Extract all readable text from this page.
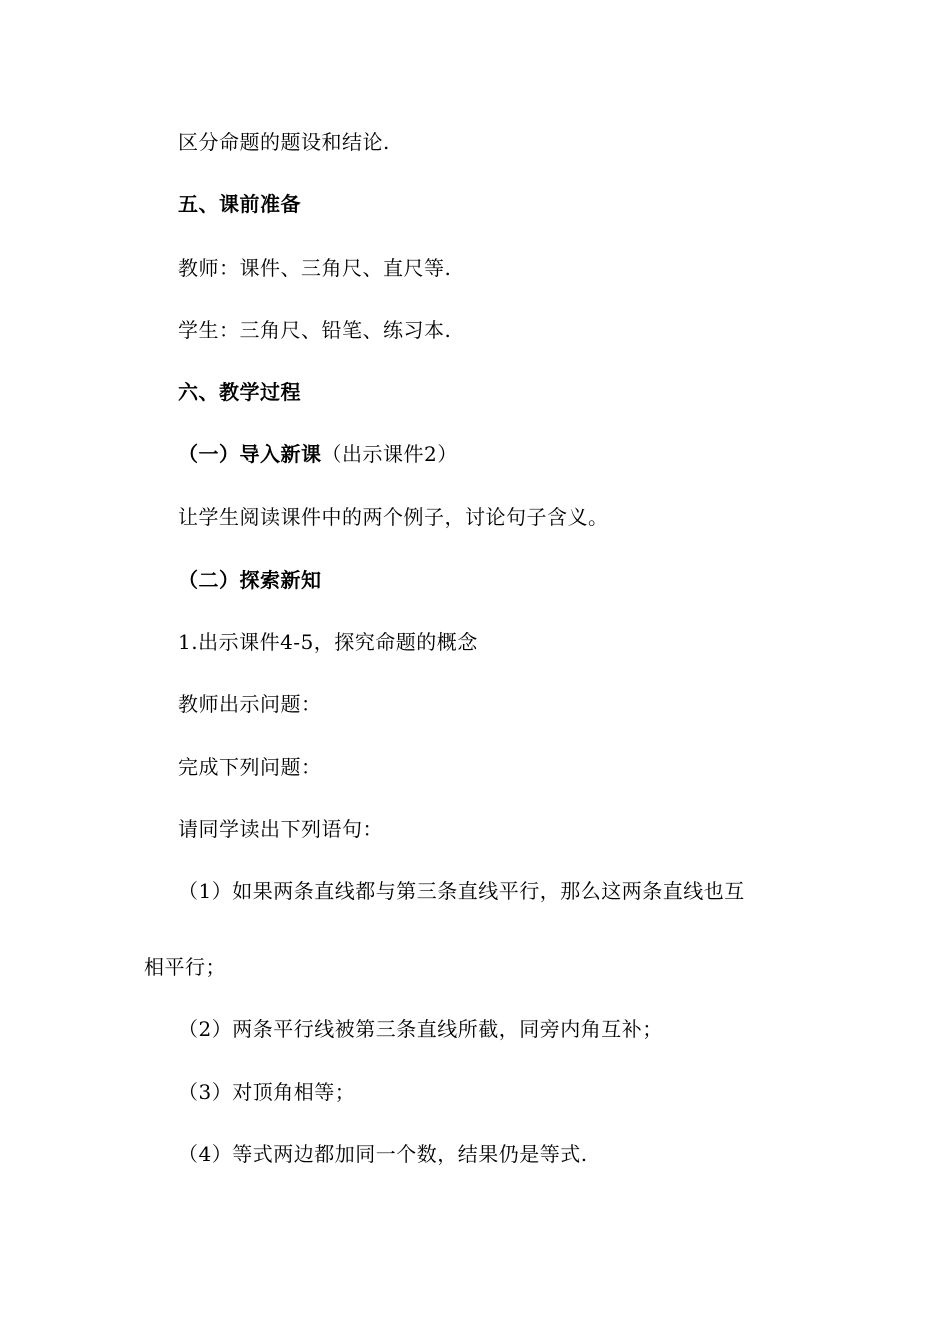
区分命题的题设和结论.
五、课前准备
教师：课件、三角尺、直尺等.
学生：三角尺、铅笔、练习本.
六、教学过程
（一）导入新课（出示课件2）
让学生阅读课件中的两个例子，讨论句子含义。
（二）探索新知
1.出示课件4-5，探究命题的概念
教师出示问题：
完成下列问题：
请同学读出下列语句：
（1）如果两条直线都与第三条直线平行，那么这两条直线也互
相平行；
（2）两条平行线被第三条直线所截，同旁内角互补；
（3）对顶角相等；
（4）等式两边都加同一个数，结果仍是等式.
